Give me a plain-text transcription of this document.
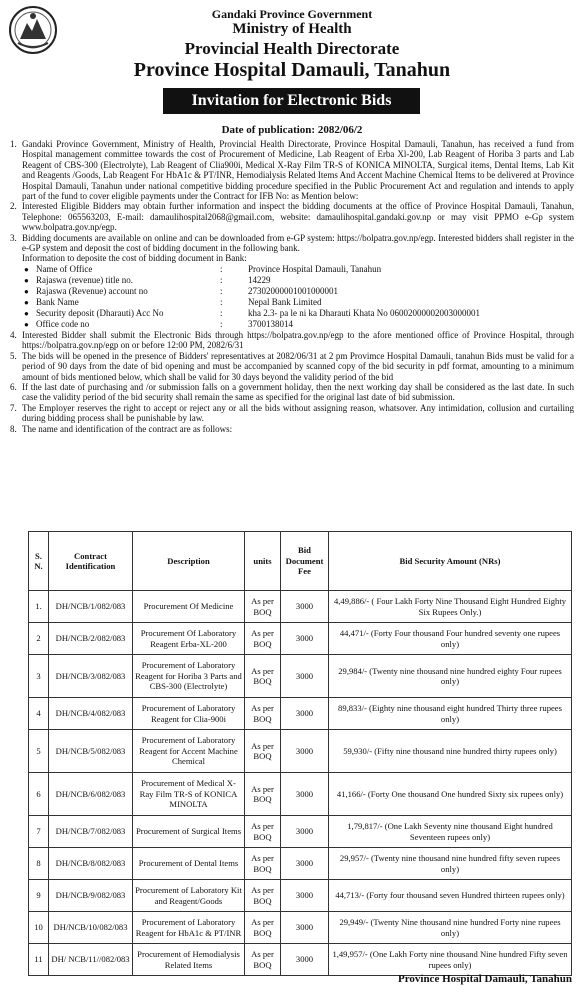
Gandaki Province Government
Ministry of Health
Provincial Health Directorate
Province Hospital Damauli, Tanahun
Invitation for Electronic Bids
Date of publication: 2082/06/2
1. Gandaki Province Government, Ministry of Health, Provincial Health Directorate, Province Hospital Damauli, Tanahun, has received a fund from Hospital management committee towards the cost of Procurement of Medicine, Lab Reagent of Erba Xl-200, Lab Reagent of Horiba 3 parts and Lab Reagent of CBS-300 (Electrolyte), Lab Reagent of Clia900i, Medical X-Ray Film TR-S of KONICA MINOLTA, Surgical items, Dental Items, Lab Kit and Reagents /Goods, Lab Reagent For HbA1c & PT/INR, Hemodialysis Related Items And Accent Machine Chemical Items to be delivered at Province Hospital Damauli, Tanahun under national competitive bidding procedure specified in the Public Procurement Act and regulation and intends to apply part of the fund to cover eligible payments under the Contract for IFB No: as Mention below:
2. Interested Eligible Bidders may obtain further information and inspect the bidding documents at the office of Province Hospital Damauli, Tanahun, Telephone: 065563203, E-mail: damaulihospital2068@gmail.com, website: damaulihospital.gandaki.gov.np or may visit PPMO e-Gp system www.bolpatra.gov.np/egp.
3. Bidding documents are available on online and can be downloaded from e-GP system: https://bolpatra.gov.np/egp. Interested bidders shall register in the e-GP system and deposit the cost of bidding document in the following bank.
Information to deposite the cost of bidding document in Bank:
● Name of Office	:	Province Hospital Damauli, Tanahun
● Rajaswa (revenue) title no.	:	14229
● Rajaswa (Revenue) account no	:	27302000001001000001
● Bank Name	:	Nepal Bank Limited
● Security deposit (Dharauti) Acc No	:	kha 2.3- pa le ni ka Dharauti Khata No 06002000002003000001
● Office code no	:	3700138014
4. Interested Bidder shall submit the Electronic Bids through https://bolpatra.gov.np/egp to the afore mentioned office of Province Hospital, through https://bolpatra.gov.np/egp on or before 12:00 PM, 2082/6/31
5. The bids will be opened in the presence of Bidders' representatives at 2082/06/31 at 2 pm Provimce Hospital Damauli, tanahun Bids must be valid for a period of 90 days from the date of bid opening and must be accompanied by scanned copy of the bid security in pdf format, amounting to a minimum amount of bids mentioned below, which shall be valid for 30 days beyond the validity period of the bid
6. If the last date of purchasing and /or submission falls on a government holiday, then the next working day shall be considered as the last date. In such case the validity period of the bid security shall remain the same as specified for the original last date of bid submission.
7. The Employer reserves the right to accept or reject any or all the bids without assigning reason, whatsover. Any intimidation, collusion and curtailing during bidding process shall be punishable by law.
8. The name and identification of the contract are as follows:
S. N.	Contract Identification	Description	units	Bid Document Fee	Bid Security Amount (NRs)
1.	DH/NCB/1/082/083	Procurement Of Medicine	As per BOQ	3000	4,49,886/- ( Four Lakh Forty Nine Thousand Eight Hundred Eighty Six Rupees Only.)
2	DH/NCB/2/082/083	Procurement Of Laboratory Reagent Erba-XL-200	As per BOQ	3000	44,471/- (Forty Four thousand Four hundred seventy one rupees only)
3	DH/NCB/3/082/083	Procurement of Laboratory Reagent for Horiba 3 Parts and CBS-300 (Electrolyte)	As per BOQ	3000	29,984/- (Twenty nine thousand nine hundred eighty Four rupees only)
4	DH/NCB/4/082/083	Procurement of Laboratory Reagent for Clia-900i	As per BOQ	3000	89,833/- (Eighty nine thousand eight hundred Thirty three rupees only)
5	DH/NCB/5/082/083	Procurement of Laboratory Reagent for Accent Machine Chemical	As per BOQ	3000	59,930/- (Fifty nine thousand nine hundred thirty rupees only)
6	DH/NCB/6/082/083	Procurement of Medical X-Ray Film TR-S of KONICA MINOLTA	As per BOQ	3000	41,166/- (Forty One thousand One hundred Sixty six rupees only)
7	DH/NCB/7/082/083	Procurement of Surgical Items	As per BOQ	3000	1,79,817/- (One Lakh Seventy nine thousand Eight hundred Seventeen rupees only)
8	DH/NCB/8/082/083	Procurement of Dental Items	As per BOQ	3000	29,957/- (Twenty nine thousand nine hundred fifty seven rupees only)
9	DH/NCB/9/082/083	Procurement of Laboratory Kit and Reagent/Goods	As per BOQ	3000	44,713/- (Forty four thousand seven Hundred thirteen rupees only)
10	DH/NCB/10/082/083	Procurement of Laboratory Reagent for HbA1c & PT/INR	As per BOQ	3000	29,949/- (Twenty Nine thousand nine hundred Forty nine rupees only)
11	DH/ NCB/11//082/083	Procurement of Hemodialysis Related Items	As per BOQ	3000	1,49,957/- (One Lakh Forty nine thousand Nine hundred Fifty seven rupees only)
Province Hospital Damauli, Tanahun
